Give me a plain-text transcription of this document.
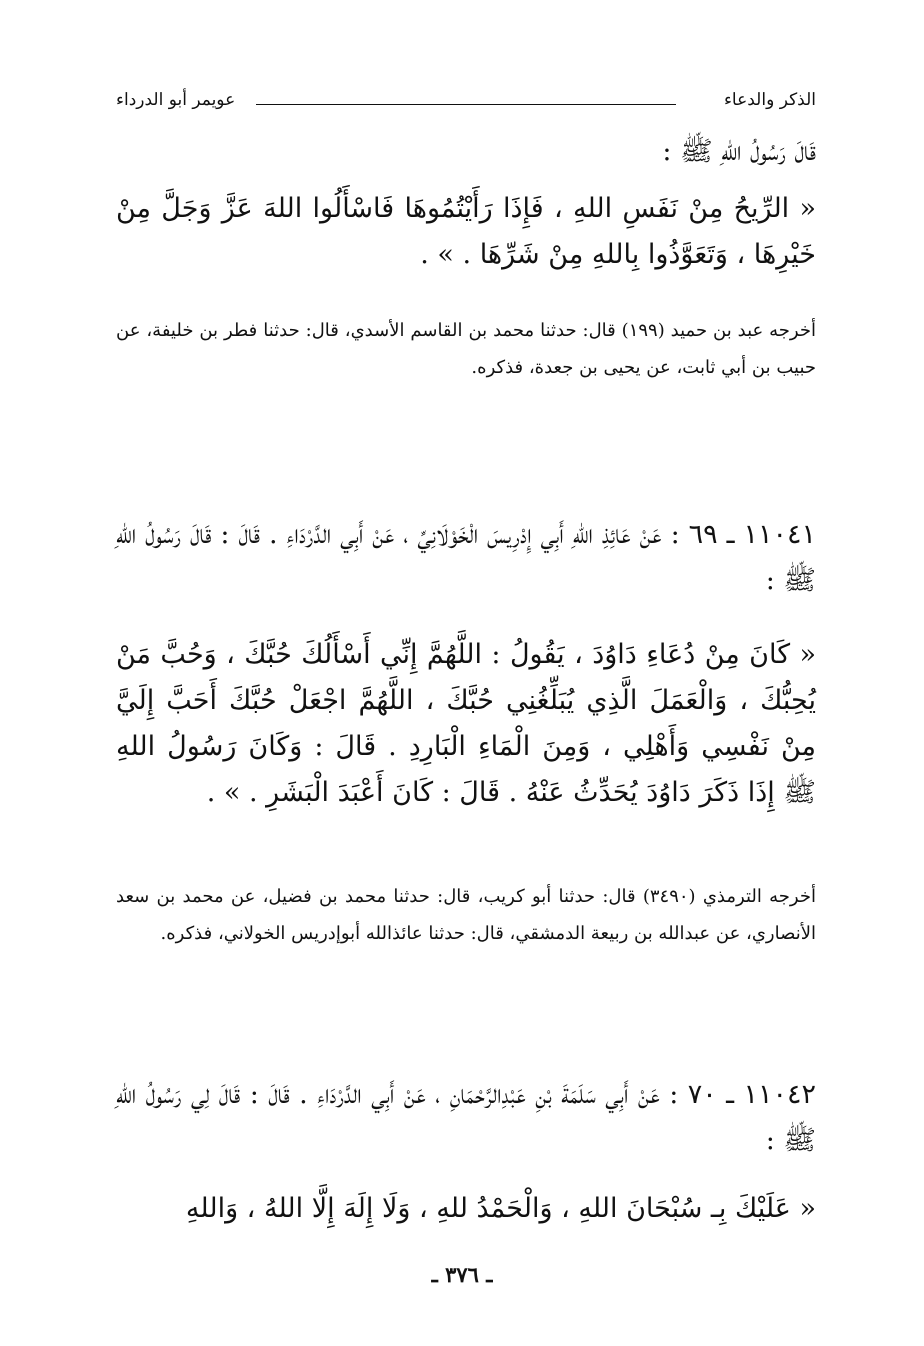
الذكر والدعاء
عويمر أبو الدرداء
قَالَ رَسُولُ اللهِ ﷺ :
« الرِّيحُ مِنْ نَفَسِ اللهِ ، فَإِذَا رَأَيْتُمُوهَا فَاسْأَلُوا اللهَ عَزَّ وَجَلَّ مِنْ خَيْرِهَا ، وَتَعَوَّذُوا بِاللهِ مِنْ شَرِّهَا . » .
أخرجه عبد بن حميد (١٩٩) قال: حدثنا محمد بن القاسم الأسدي، قال: حدثنا فطر بن خليفة، عن حبيب بن أبي ثابت، عن يحيى بن جعدة، فذكره.
١١٠٤١ ـ ٦٩ : عَنْ عَائِذِ اللهِ أَبِي إِدْرِيسَ الْخَوْلَانِيِّ ، عَنْ أَبِي الدَّرْدَاءِ . قَالَ : قَالَ رَسُولُ اللهِ ﷺ :
« كَانَ مِنْ دُعَاءِ دَاوُدَ ، يَقُولُ : اللَّهُمَّ إِنِّي أَسْأَلُكَ حُبَّكَ ، وَحُبَّ مَنْ يُحِبُّكَ ، وَالْعَمَلَ الَّذِي يُبَلِّغُنِي حُبَّكَ ، اللَّهُمَّ اجْعَلْ حُبَّكَ أَحَبَّ إِلَيَّ مِنْ نَفْسِي وَأَهْلِي ، وَمِنَ الْمَاءِ الْبَارِدِ . قَالَ : وَكَانَ رَسُولُ اللهِ ﷺ إِذَا ذَكَرَ دَاوُدَ يُحَدِّثُ عَنْهُ . قَالَ : كَانَ أَعْبَدَ الْبَشَرِ . » .
أخرجه الترمذي (٣٤٩٠) قال: حدثنا أبو كريب، قال: حدثنا محمد بن فضيل، عن محمد بن سعد الأنصاري، عن عبدالله بن ربيعة الدمشقي، قال: حدثنا عائذالله أبوإدريس الخولاني، فذكره.
١١٠٤٢ ـ ٧٠ : عَنْ أَبِي سَلَمَةَ بْنِ عَبْدِالرَّحْمَانِ ، عَنْ أَبِي الدَّرْدَاءِ . قَالَ : قَالَ لِي رَسُولُ اللهِ ﷺ :
« عَلَيْكَ بِـ سُبْحَانَ اللهِ ، وَالْحَمْدُ للهِ ، وَلَا إِلَهَ إِلَّا اللهُ ، وَاللهِ
ـ ٣٧٦ ـ
